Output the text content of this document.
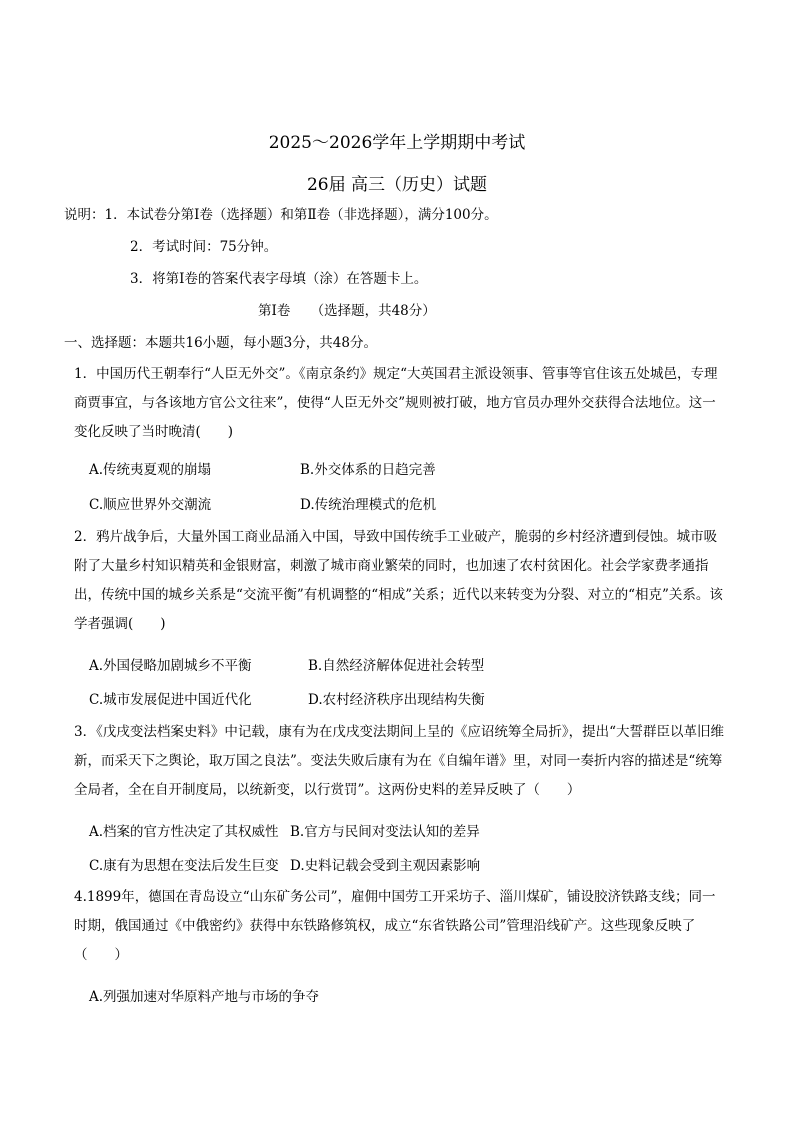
2025～2026学年上学期期中考试
26届 高三（历史）试题
说明：1．本试卷分第Ⅰ卷（选择题）和第Ⅱ卷（非选择题），满分100分。
2．考试时间：75分钟。
3．将第Ⅰ卷的答案代表字母填（涂）在答题卡上。
第Ⅰ卷　　（选择题，共48分）
一、选择题：本题共16小题，每小题3分，共48分。
1．中国历代王朝奉行“人臣无外交”。《南京条约》规定“大英国君主派设领事、管事等官住该五处城邑，专理商贾事宜，与各该地方官公文往来”，使得“人臣无外交”规则被打破，地方官员办理外交获得合法地位。这一变化反映了当时晚清(　　)
A.传统夷夏观的崩塌	B.外交体系的日趋完善
C.顺应世界外交潮流	D.传统治理模式的危机
2．鸦片战争后，大量外国工商业品涌入中国，导致中国传统手工业破产，脆弱的乡村经济遭到侵蚀。城市吸附了大量乡村知识精英和金银财富，刺激了城市商业繁荣的同时，也加速了农村贫困化。社会学家费孝通指出，传统中国的城乡关系是“交流平衡”有机调整的“相成”关系；近代以来转变为分裂、对立的“相克”关系。该学者强调(　　)
A.外国侵略加剧城乡不平衡	B.自然经济解体促进社会转型
C.城市发展促进中国近代化	D.农村经济秩序出现结构失衡
3．《戊戌变法档案史料》中记载，康有为在戊戌变法期间上呈的《应诏统筹全局折》，提出“大誓群臣以革旧维新，而采天下之舆论，取万国之良法”。变法失败后康有为在《自编年谱》里，对同一奏折内容的描述是“统筹全局者，全在自开制度局，以统新变，以行赏罚”。这两份史料的差异反映了（　　）
A.档案的官方性决定了其权威性 B.官方与民间对变法认知的差异
C.康有为思想在变法后发生巨变 D.史料记载会受到主观因素影响
4.1899年，德国在青岛设立“山东矿务公司”，雇佣中国劳工开采坊子、淄川煤矿，铺设胶济铁路支线；同一时期，俄国通过《中俄密约》获得中东铁路修筑权，成立“东省铁路公司”管理沿线矿产。这些现象反映了（　　）
A.列强加速对华原料产地与市场的争夺
